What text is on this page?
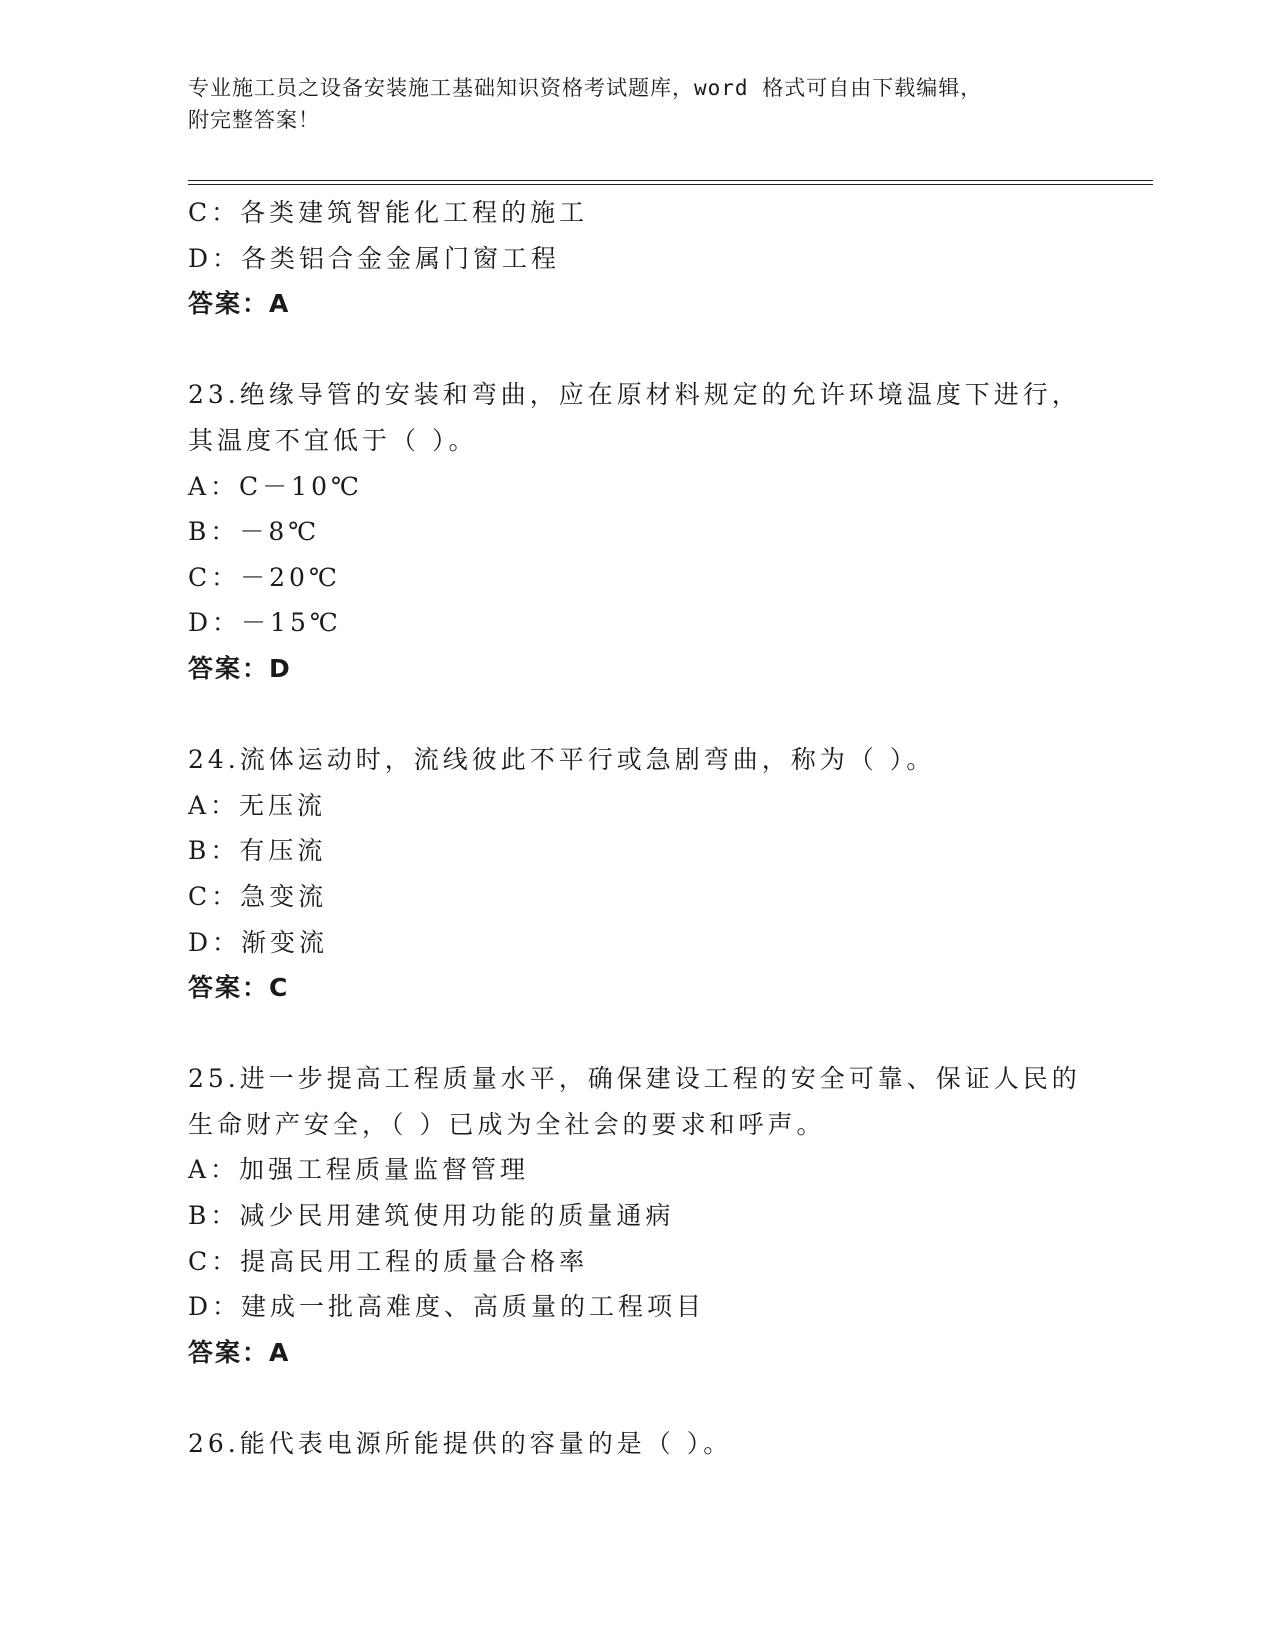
专业施工员之设备安装施工基础知识资格考试题库，word 格式可自由下载编辑，
附完整答案！
C：各类建筑智能化工程的施工
D：各类铝合金金属门窗工程
答案：A
23.绝缘导管的安装和弯曲，应在原材料规定的允许环境温度下进行，
其温度不宜低于（ ）。
A：C－10℃
B：－8℃
C：－20℃
D：－15℃
答案：D
24.流体运动时，流线彼此不平行或急剧弯曲，称为（ ）。
A：无压流
B：有压流
C：急变流
D：渐变流
答案：C
25.进一步提高工程质量水平，确保建设工程的安全可靠、保证人民的
生命财产安全，（ ）已成为全社会的要求和呼声。
A：加强工程质量监督管理
B：减少民用建筑使用功能的质量通病
C：提高民用工程的质量合格率
D：建成一批高难度、高质量的工程项目
答案：A
26.能代表电源所能提供的容量的是（ ）。
